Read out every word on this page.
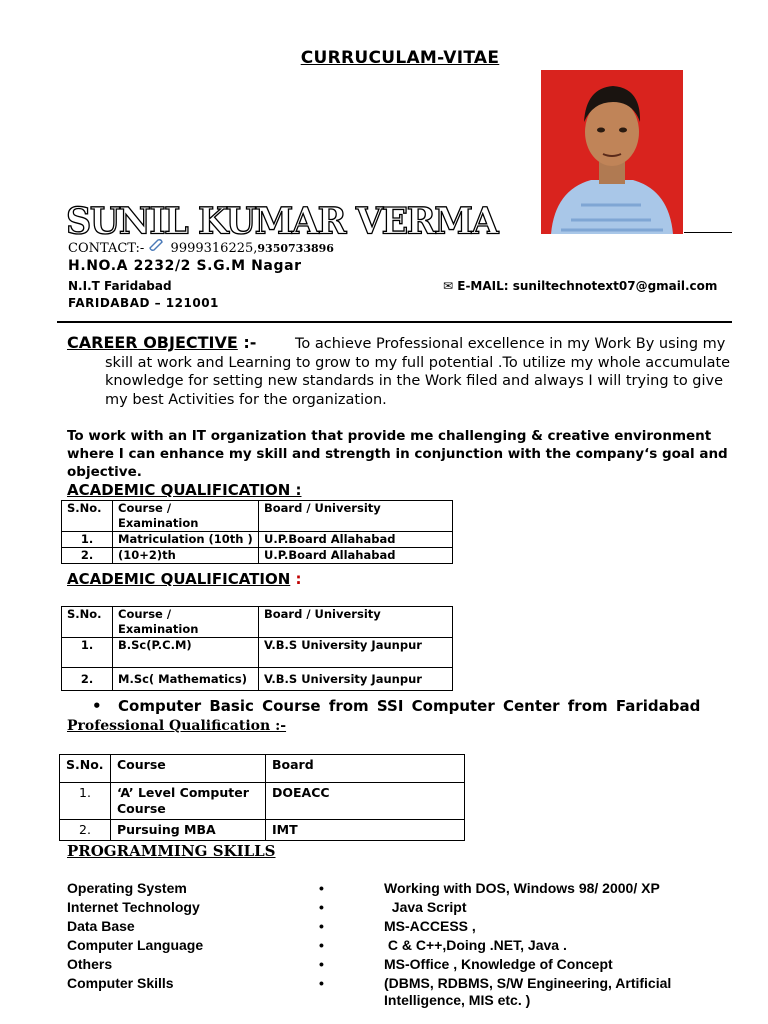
CURRUCULAM-VITAE
SUNIL KUMAR VERMA
CONTACT:- 9999316225,9350733896
H.NO.A 2232/2 S.G.M Nagar
N.I.T Faridabad
FARIDABAD – 121001
✉ E-MAIL: suniltechnotext07@gmail.com
CAREER OBJECTIVE :-	To achieve Professional excellence in my Work By using my skill at work and Learning to grow to my full potential .To utilize my whole accumulate knowledge for setting new standards in the Work filed and always I will trying to give my best Activities for the organization.
To work with an IT organization that provide me challenging & creative environment where I can enhance my skill and strength in conjunction with the company‘s goal and objective.
ACADEMIC QUALIFICATION :
S.No.	Course / Examination	Board / University
1.	Matriculation (10th )	U.P.Board Allahabad
2.	(10+2)th	U.P.Board Allahabad
ACADEMIC QUALIFICATION :
S.No.	Course / Examination	Board / University
1.	B.Sc(P.C.M)	V.B.S University Jaunpur
2.	M.Sc( Mathematics)	V.B.S University Jaunpur
•  Computer Basic Course from SSI Computer Center from Faridabad
Professional Qualification :-
S.No.	Course	Board
1.	‘A’ Level Computer Course	DOEACC
2.	Pursuing MBA	IMT
PROGRAMMING SKILLS
Operating System	•	Working with DOS, Windows 98/ 2000/ XP
Internet Technology	•	Java Script
Data Base	•	MS-ACCESS ,
Computer Language	•	C & C++,Doing .NET, Java .
Others	•	MS-Office , Knowledge of Concept
Computer Skills	•	(DBMS, RDBMS, S/W Engineering, Artificial Intelligence, MIS etc. )
